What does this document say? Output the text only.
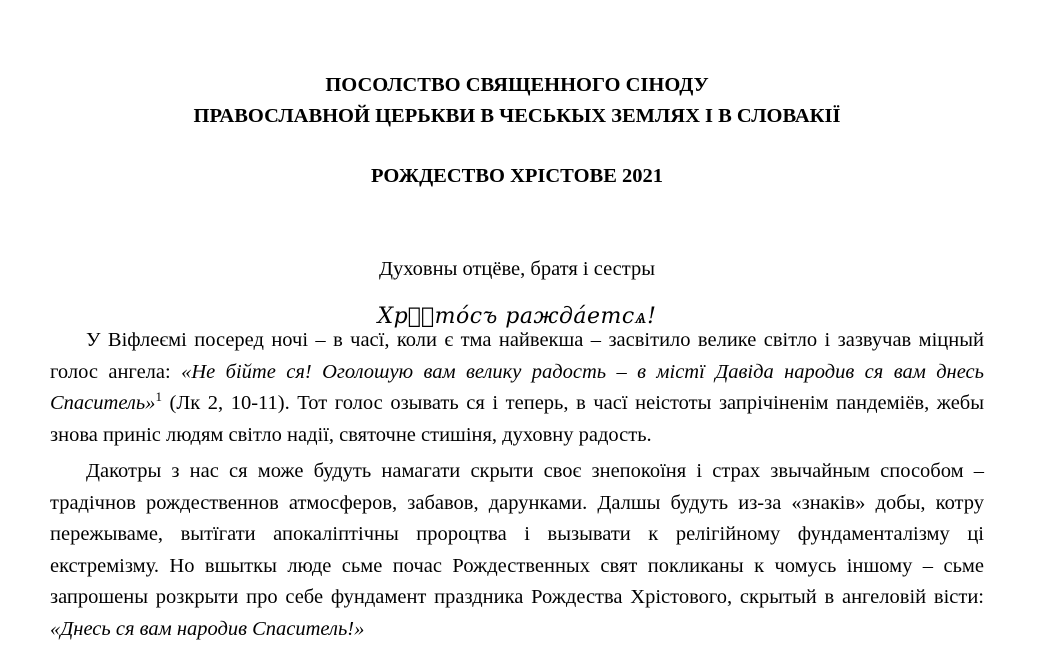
ПОСОЛСТВО СВЯЩЕННОГО СІНОДУ

ПРАВОСЛАВНОЙ ЦЕРЬКВИ В ЧЕСЬКЫХ ЗЕМЛЯХ І В СЛОВАКІЇ

РОЖДЕСТВО ХРІСТОВЕ 2021

Духовны отцёве, братя і сестры

Хрⷭ҇то́съ ражда́етсѧ!

У Віфлеємі посеред ночі – в часї, коли є тма найвекша – засвітило велике світло і зазвучав міцный голос ангела: «Не бійте ся! Оголошую вам велику радость – в містї Давіда народив ся вам днесь Спаситель»$^1$ (Лк 2, 10-11). Тот голос озывать ся і теперь, в часї неістоты запрічіненім пандеміёв, жебы знова приніс людям світло надії, святочне стишіня, духовну радость.

Дакотры з нас ся може будуть намагати скрыти своє знепокоїня і страх звычайным способом – традічнов рождественнов атмосферов, забавов, дарунками. Далшы будуть из-за «знаків» добы, котру пережываме, вытїгати апокаліптічны пророцтва і вызывати к релігійному фундаменталізму ці екстремізму. Но вшыткы люде сьме почас Рождественных свят покликаны к чомусь іншому – сьме запрошены розкрыти про себе фундамент праздника Рождества Хрістового, скрытый в ангеловій вісти: «Днесь ся вам народив Спаситель!»
